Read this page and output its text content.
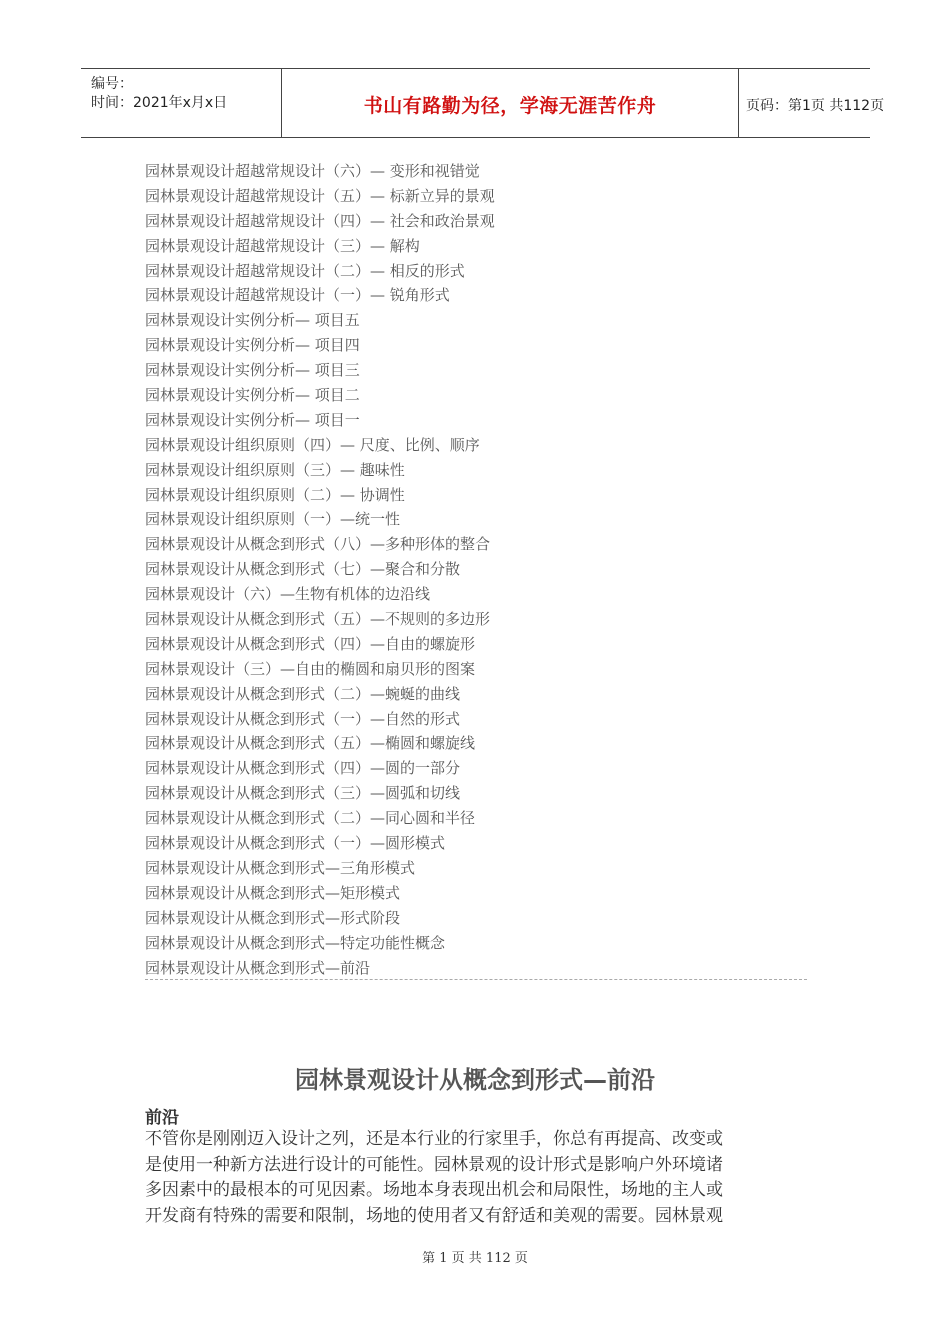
编号：
时间：2021年x月x日	书山有路勤为径，学海无涯苦作舟	页码：第1页 共112页
园林景观设计超越常规设计（六）— 变形和视错觉
园林景观设计超越常规设计（五）— 标新立异的景观
园林景观设计超越常规设计（四）— 社会和政治景观
园林景观设计超越常规设计（三）— 解构
园林景观设计超越常规设计（二）— 相反的形式
园林景观设计超越常规设计（一）— 锐角形式
园林景观设计实例分析— 项目五
园林景观设计实例分析— 项目四
园林景观设计实例分析— 项目三
园林景观设计实例分析— 项目二
园林景观设计实例分析— 项目一
园林景观设计组织原则（四）— 尺度、比例、顺序
园林景观设计组织原则（三）— 趣味性
园林景观设计组织原则（二）— 协调性
园林景观设计组织原则（一）—统一性
园林景观设计从概念到形式（八）—多种形体的整合
园林景观设计从概念到形式（七）—聚合和分散
园林景观设计（六）—生物有机体的边沿线
园林景观设计从概念到形式（五）—不规则的多边形
园林景观设计从概念到形式（四）—自由的螺旋形
园林景观设计（三）—自由的椭圆和扇贝形的图案
园林景观设计从概念到形式（二）—蜿蜒的曲线
园林景观设计从概念到形式（一）—自然的形式
园林景观设计从概念到形式（五）—椭圆和螺旋线
园林景观设计从概念到形式（四）—圆的一部分
园林景观设计从概念到形式（三）—圆弧和切线
园林景观设计从概念到形式（二）—同心圆和半径
园林景观设计从概念到形式（一）—圆形模式
园林景观设计从概念到形式—三角形模式
园林景观设计从概念到形式—矩形模式
园林景观设计从概念到形式—形式阶段
园林景观设计从概念到形式—特定功能性概念
园林景观设计从概念到形式—前沿
园林景观设计从概念到形式—前沿
前沿
不管你是刚刚迈入设计之列，还是本行业的行家里手，你总有再提高、改变或
是使用一种新方法进行设计的可能性。园林景观的设计形式是影响户外环境诸
多因素中的最根本的可见因素。场地本身表现出机会和局限性，场地的主人或
开发商有特殊的需要和限制，场地的使用者又有舒适和美观的需要。园林景观
第 1 页 共 112 页
